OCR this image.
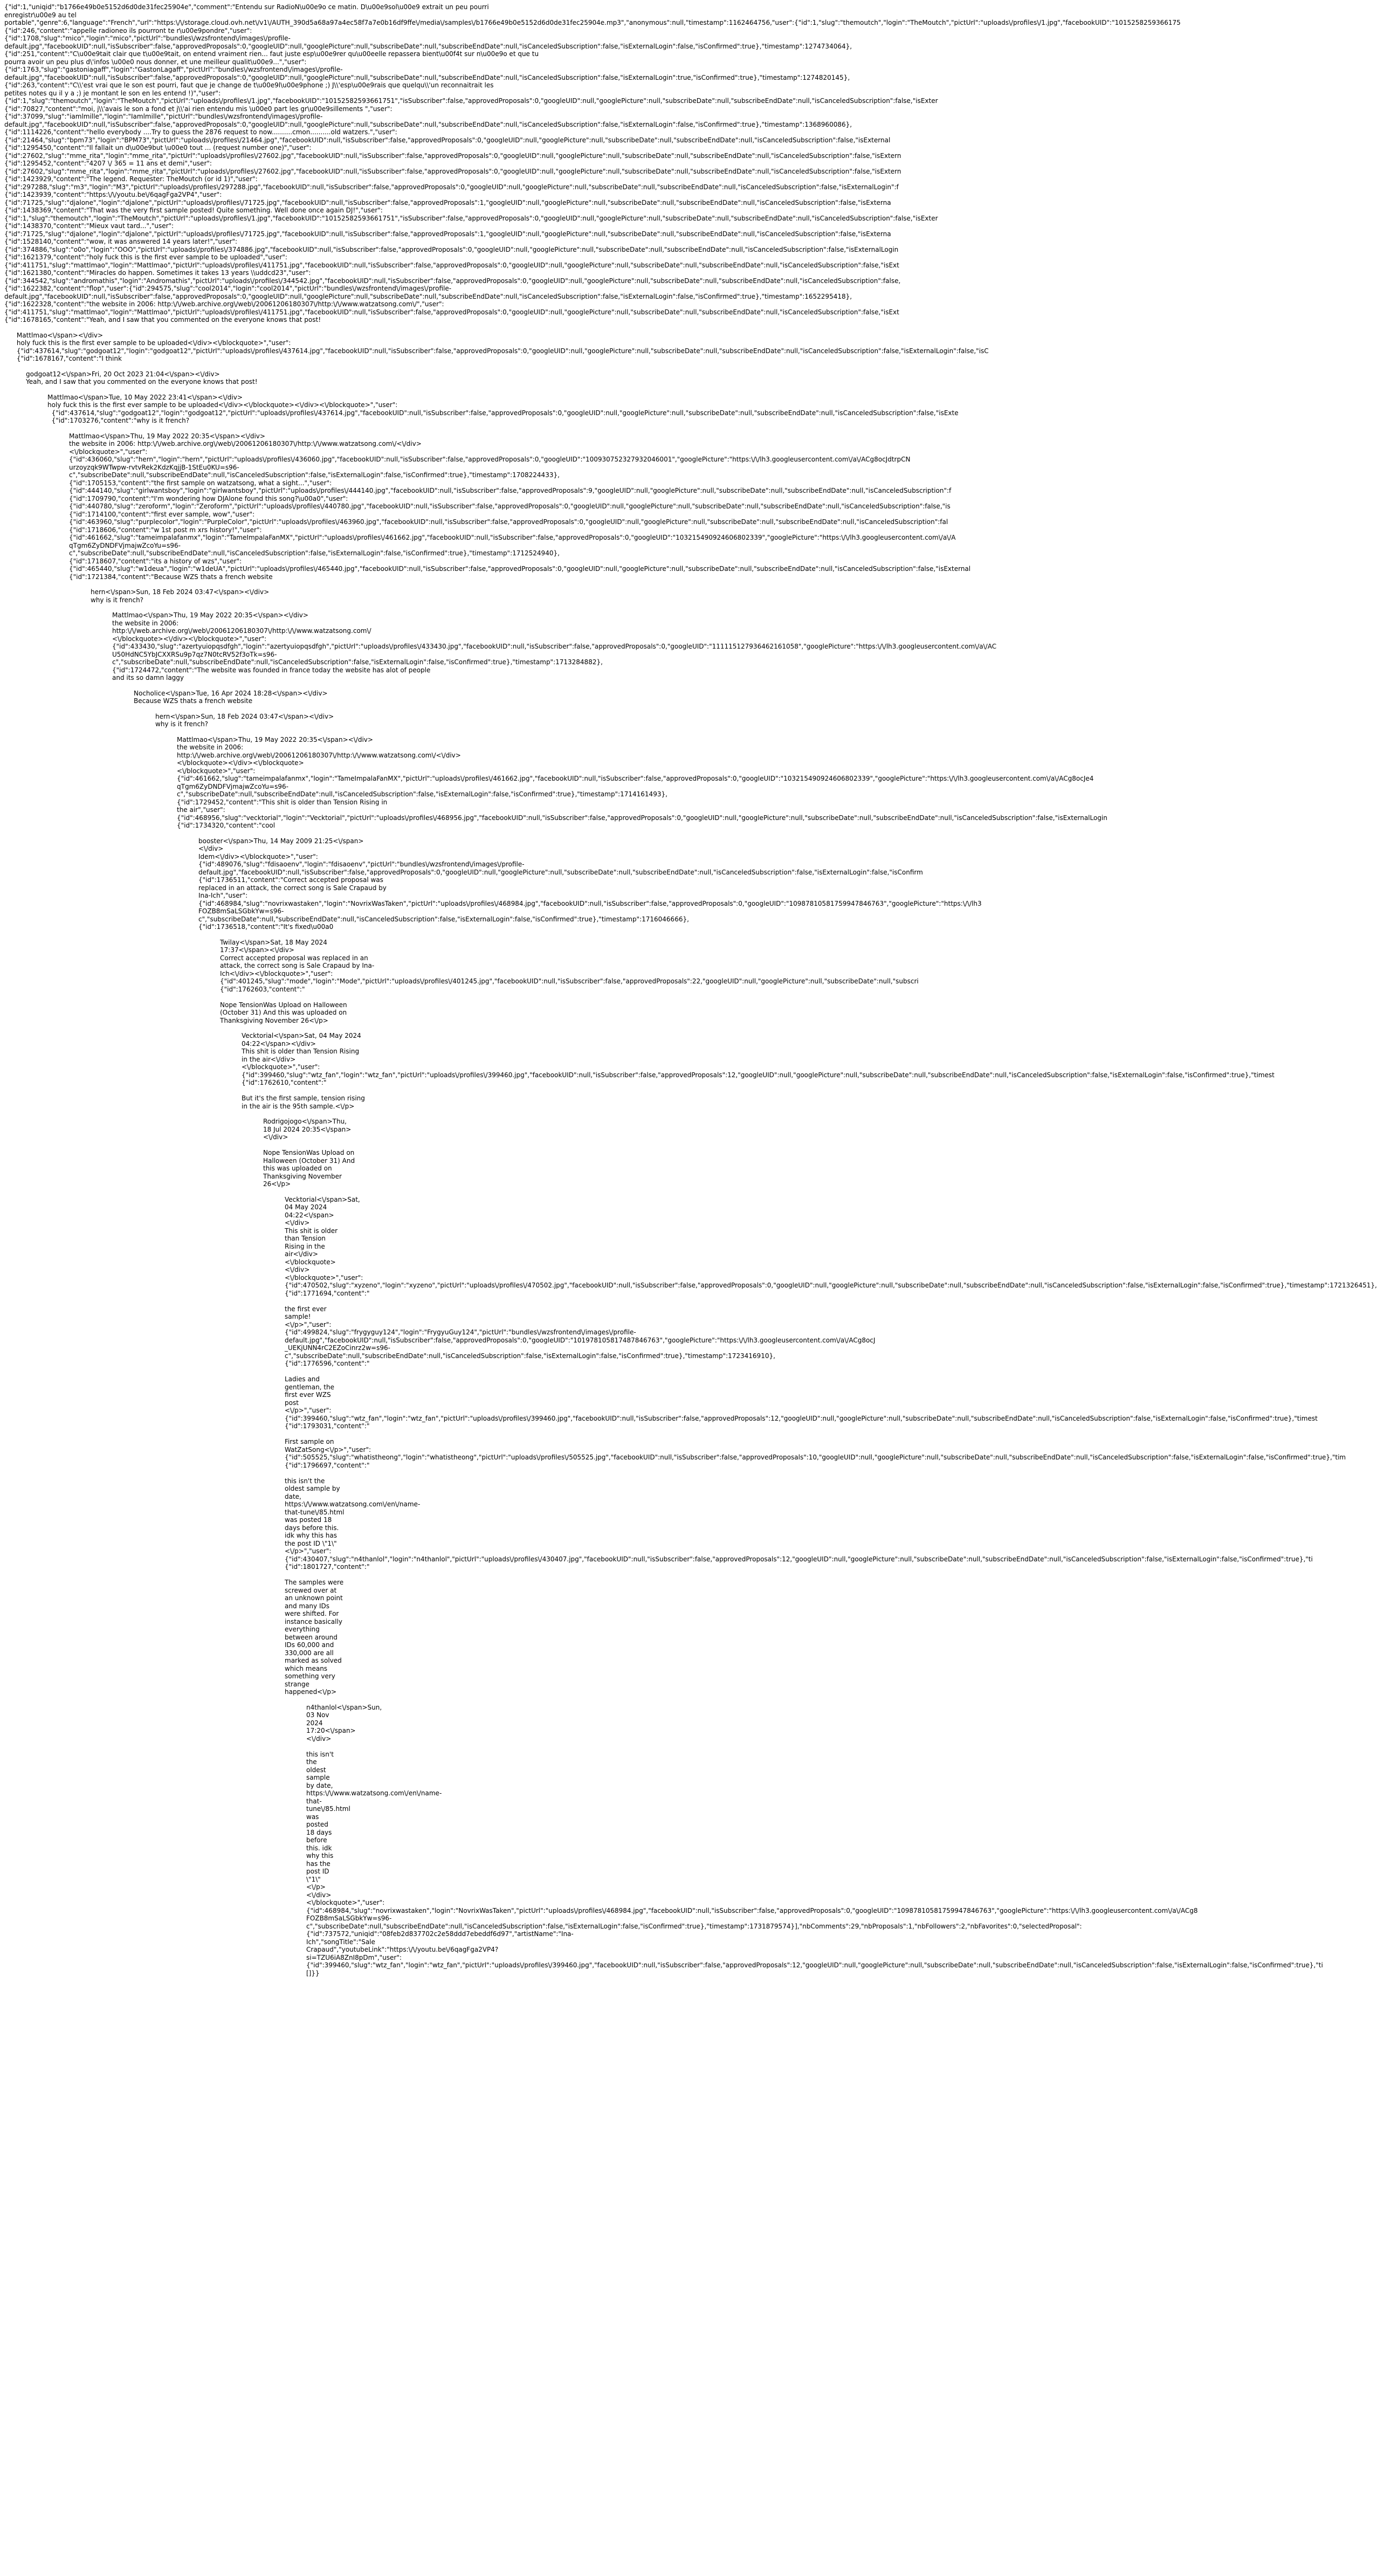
{"id":1,"uniqid":"b1766e49b0e5152d6d0de31fec25904e","comment":"Entendu sur RadioN\u00e9o ce matin. D\u00e9sol\u00e9 extrait un peu pourri
enregistr\u00e9 au tel
portable","genre":6,"language":"French","url":"https:\/\/storage.cloud.ovh.net\/v1\/AUTH_390d5a68a97a4ec58f7a7e0b16df9ffe\/media\/samples\/b1766e49b0e5152d6d0de31fec25904e.mp3","anonymous":null,"timestamp":1162464756,"user":{"id":1,"slug":"themoutch","login":"TheMoutch","pictUrl":"uploads\/profiles\/1.jpg","facebookUID":"1015258259366175
{"id":246,"content":"appelle radioneo ils pourront te r\u00e9pondre","user":
{"id":1708,"slug":"mico","login":"mico","pictUrl":"bundles\/wzsfrontend\/images\/profile-
default.jpg","facebookUID":null,"isSubscriber":false,"approvedProposals":0,"googleUID":null,"googlePicture":null,"subscribeDate":null,"subscribeEndDate":null,"isCanceledSubscription":false,"isExternalLogin":false,"isConfirmed":true},"timestamp":1274734064},
{"id":251,"content":"C\u00e9tait clair que t\u00e9tait, on entend vraiment rien... faut juste esp\u00e9rer qu\u00eelle repassera bient\u00f4t sur n\u00e9o et que tu
pourra avoir un peu plus d\'infos \u00e0 nous donner, et une meilleur qualit\u00e9...","user":
{"id":1763,"slug":"gastoniagaff","login":"GastonLagaff","pictUrl":"bundles\/wzsfrontend\/images\/profile-
default.jpg","facebookUID":null,"isSubscriber":false,"approvedProposals":0,"googleUID":null,"googlePicture":null,"subscribeDate":null,"subscribeEndDate":null,"isCanceledSubscription":false,"isExternalLogin":true,"isConfirmed":true},"timestamp":1274820145},
{"id":263,"content":"C\\'est vrai que le son est pourri, faut que je change de t\u00e9l\u00e9phone ;) J\\'esp\u00e9rais que quelqu\\'un reconnaitrait les
petites notes qu il y a ;) je montant le son en les entend !)","user":
{"id":1,"slug":"themoutch","login":"TheMoutch","pictUrl":"uploads\/profiles\/1.jpg","facebookUID":"10152582593661751","isSubscriber":false,"approvedProposals":0,"googleUID":null,"googlePicture":null,"subscribeDate":null,"subscribeEndDate":null,"isCanceledSubscription":false,"isExter
{"id":70827,"content":"moi, j\\'avais le son a fond et j\\'ai rien entendu mis \u00e0 part les gr\u00e9sillements ","user":
{"id":37099,"slug":"iamlmille","login":"Iamlmille","pictUrl":"bundles\/wzsfrontend\/images\/profile-
default.jpg","facebookUID":null,"isSubscriber":false,"approvedProposals":0,"googleUID":null,"googlePicture":null,"subscribeDate":null,"subscribeEndDate":null,"isCanceledSubscription":false,"isExternalLogin":false,"isConfirmed":true},"timestamp":1368960086},
{"id":1114226,"content":"hello everybody ....Try to guess the 2876 request to now..........cmon..........old watzers.","user":
{"id":21464,"slug":"bpm73","login":"BPM73","pictUrl":"uploads\/profiles\/21464.jpg","facebookUID":null,"isSubscriber":false,"approvedProposals":0,"googleUID":null,"googlePicture":null,"subscribeDate":null,"subscribeEndDate":null,"isCanceledSubscription":false,"isExternal
{"id":1295450,"content":"Il fallait un d\u00e9but \u00e0 tout ... (request number one)","user":
{"id":27602,"slug":"mme_rita","login":"mme_rita","pictUrl":"uploads\/profiles\/27602.jpg","facebookUID":null,"isSubscriber":false,"approvedProposals":0,"googleUID":null,"googlePicture":null,"subscribeDate":null,"subscribeEndDate":null,"isCanceledSubscription":false,"isExtern
{"id":1295452,"content":"4207 \/ 365 = 11 ans et demi","user":
{"id":27602,"slug":"mme_rita","login":"mme_rita","pictUrl":"uploads\/profiles\/27602.jpg","facebookUID":null,"isSubscriber":false,"approvedProposals":0,"googleUID":null,"googlePicture":null,"subscribeDate":null,"subscribeEndDate":null,"isCanceledSubscription":false,"isExtern
{"id":1423929,"content":"The legend. Requester: TheMoutch (or id 1)","user":
{"id":297288,"slug":"m3","login":"M3","pictUrl":"uploads\/profiles\/297288.jpg","facebookUID":null,"isSubscriber":false,"approvedProposals":0,"googleUID":null,"googlePicture":null,"subscribeDate":null,"subscribeEndDate":null,"isCanceledSubscription":false,"isExternalLogin":f
{"id":1423939,"content":"https:\/\/youtu.be\/6qagFga2VP4","user":
{"id":71725,"slug":"djalone","login":"djalone","pictUrl":"uploads\/profiles\/71725.jpg","facebookUID":null,"isSubscriber":false,"approvedProposals":1,"googleUID":null,"googlePicture":null,"subscribeDate":null,"subscribeEndDate":null,"isCanceledSubscription":false,"isExterna
{"id":1438369,"content":"That was the very first sample posted! Quite something. Well done once again DJ!","user":
{"id":1,"slug":"themoutch","login":"TheMoutch","pictUrl":"uploads\/profiles\/1.jpg","facebookUID":"10152582593661751","isSubscriber":false,"approvedProposals":0,"googleUID":null,"googlePicture":null,"subscribeDate":null,"subscribeEndDate":null,"isCanceledSubscription":false,"isExter
{"id":1438370,"content":"Mieux vaut tard...","user":
{"id":71725,"slug":"djalone","login":"djalone","pictUrl":"uploads\/profiles\/71725.jpg","facebookUID":null,"isSubscriber":false,"approvedProposals":1,"googleUID":null,"googlePicture":null,"subscribeDate":null,"subscribeEndDate":null,"isCanceledSubscription":false,"isExterna
{"id":1528140,"content":"wow, it was answered 14 years later!","user":
{"id":374886,"slug":"o0o","login":"OOO","pictUrl":"uploads\/profiles\/374886.jpg","facebookUID":null,"isSubscriber":false,"approvedProposals":0,"googleUID":null,"googlePicture":null,"subscribeDate":null,"subscribeEndDate":null,"isCanceledSubscription":false,"isExternalLogin
{"id":1621379,"content":"holy fuck this is the first ever sample to be uploaded","user":
{"id":411751,"slug":"mattlmao","login":"Mattlmao","pictUrl":"uploads\/profiles\/411751.jpg","facebookUID":null,"isSubscriber":false,"approvedProposals":0,"googleUID":null,"googlePicture":null,"subscribeDate":null,"subscribeEndDate":null,"isCanceledSubscription":false,"isExt
{"id":1621380,"content":"Miracles do happen. Sometimes it takes 13 years \\uddcd23","user":
{"id":344542,"slug":"andromathis","login":"Andromathis","pictUrl":"uploads\/profiles\/344542.jpg","facebookUID":null,"isSubscriber":false,"approvedProposals":0,"googleUID":null,"googlePicture":null,"subscribeDate":null,"subscribeEndDate":null,"isCanceledSubscription":false,
{"id":1622382,"content":"flop","user":{"id":294575,"slug":"cool2014","login":"cool2014","pictUrl":"bundles\/wzsfrontend\/images\/profile-
default.jpg","facebookUID":null,"isSubscriber":false,"approvedProposals":0,"googleUID":null,"googlePicture":null,"subscribeDate":null,"subscribeEndDate":null,"isCanceledSubscription":false,"isExternalLogin":false,"isConfirmed":true},"timestamp":1652295418},
{"id":1622328,"content":"the website in 2006: http:\/\/web.archive.org\/web\/20061206180307\/http:\/\/www.watzatsong.com\/","user":
{"id":411751,"slug":"mattlmao","login":"Mattlmao","pictUrl":"uploads\/profiles\/411751.jpg","facebookUID":null,"isSubscriber":false,"approvedProposals":0,"googleUID":null,"googlePicture":null,"subscribeDate":null,"subscribeEndDate":null,"isCanceledSubscription":false,"isExt
{"id":1678165,"content":"Yeah, and I saw that you commented on the everyone knows that post!
Mattlmao<\/span><\/div>
holy fuck this is the first ever sample to be uploaded<\/div><\/blockquote>","user":
{"id":437614,"slug":"godgoat12","login":"godgoat12","pictUrl":"uploads\/profiles\/437614.jpg","facebookUID":null,"isSubscriber":false,"approvedProposals":0,"googleUID":null,"googlePicture":null,"subscribeDate":null,"subscribeEndDate":null,"isCanceledSubscription":false,"isExternalLogin":false,"isC
{"id":1678167,"content":"I think
godgoat12<\/span>Fri, 20 Oct 2023 21:04<\/span><\/div>
Yeah, and I saw that you commented on the everyone knows that post!
Mattlmao<\/span>Tue, 10 May 2022 23:41<\/span><\/div>
holy fuck this is the first ever sample to be uploaded<\/div><\/blockquote><\/div><\/blockquote>","user":
{"id":437614,"slug":"godgoat12","login":"godgoat12","pictUrl":"uploads\/profiles\/437614.jpg","facebookUID":null,"isSubscriber":false,"approvedProposals":0,"googleUID":null,"googlePicture":null,"subscribeDate":null,"subscribeEndDate":null,"isCanceledSubscription":false,"isExte
{"id":1703276,"content":"why is it french?
Mattlmao<\/span>Thu, 19 May 2022 20:35<\/span><\/div>
the website in 2006: http:\/\/web.archive.org\/web\/20061206180307\/http:\/\/www.watzatsong.com\/<\/div>
<\/blockquote>","user":
{"id":436060,"slug":"hern","login":"hern","pictUrl":"uploads\/profiles\/436060.jpg","facebookUID":null,"isSubscriber":false,"approvedProposals":0,"googleUID":"100930752327932046001","googlePicture":"https:\/\/lh3.googleusercontent.com\/a\/ACg8ocJdtrpCN
urzoyzqk9WTwpw-rvtvRek2KdzKqjjB-1StEu0KU=s96-
c","subscribeDate":null,"subscribeEndDate":null,"isCanceledSubscription":false,"isExternalLogin":false,"isConfirmed":true},"timestamp":1708224433},
{"id":1705153,"content":"the first sample on watzatsong, what a sight...","user":
{"id":444140,"slug":"girlwantsboy","login":"girlwantsboy","pictUrl":"uploads\/profiles\/444140.jpg","facebookUID":null,"isSubscriber":false,"approvedProposals":9,"googleUID":null,"googlePicture":null,"subscribeDate":null,"subscribeEndDate":null,"isCanceledSubscription":f
{"id":1709790,"content":"I'm wondering how DJAlone found this song?\u00a0","user":
{"id":440780,"slug":"zeroform","login":"Zeroform","pictUrl":"uploads\/profiles\/440780.jpg","facebookUID":null,"isSubscriber":false,"approvedProposals":0,"googleUID":null,"googlePicture":null,"subscribeDate":null,"subscribeEndDate":null,"isCanceledSubscription":false,"is
{"id":1714100,"content":"first ever sample, wow","user":
{"id":463960,"slug":"purplecolor","login":"PurpleColor","pictUrl":"uploads\/profiles\/463960.jpg","facebookUID":null,"isSubscriber":false,"approvedProposals":0,"googleUID":null,"googlePicture":null,"subscribeDate":null,"subscribeEndDate":null,"isCanceledSubscription":fal
{"id":1718606,"content":"w 1st post m xrs history!","user":
{"id":461662,"slug":"tameimpalafanmx","login":"TameImpalaFanMX","pictUrl":"uploads\/profiles\/461662.jpg","facebookUID":null,"isSubscriber":false,"approvedProposals":0,"googleUID":"103215490924606802339","googlePicture":"https:\/\/lh3.googleusercontent.com\/a\/A
qTgm6ZyDNDFVjmajwZcoYu=s96-
c","subscribeDate":null,"subscribeEndDate":null,"isCanceledSubscription":false,"isExternalLogin":false,"isConfirmed":true},"timestamp":1712524940},
{"id":1718607,"content":"its a history of wzs","user":
{"id":465440,"slug":"w1deua","login":"w1deUA","pictUrl":"uploads\/profiles\/465440.jpg","facebookUID":null,"isSubscriber":false,"approvedProposals":0,"googleUID":null,"googlePicture":null,"subscribeDate":null,"subscribeEndDate":null,"isCanceledSubscription":false,"isExternal
{"id":1721384,"content":"Because WZS thats a french website
hern<\/span>Sun, 18 Feb 2024 03:47<\/span><\/div>
why is it french?
Mattlmao<\/span>Thu, 19 May 2022 20:35<\/span><\/div>
the website in 2006:
http:\/\/web.archive.org\/web\/20061206180307\/http:\/\/www.watzatsong.com\/
<\/blockquote><\/div><\/blockquote>","user":
{"id":433430,"slug":"azertyuiopqsdfgh","login":"azertyuiopqsdfgh","pictUrl":"uploads\/profiles\/433430.jpg","facebookUID":null,"isSubscriber":false,"approvedProposals":0,"googleUID":"111115127936462161058","googlePicture":"https:\/\/lh3.googleusercontent.com\/a\/AC
U50HdNC5YbJCXXRSu9p7qz7N0tcRV52f3oTk=s96-
c","subscribeDate":null,"subscribeEndDate":null,"isCanceledSubscription":false,"isExternalLogin":false,"isConfirmed":true},"timestamp":1713284882},
{"id":1724472,"content":"The website was founded in france today the website has alot of people
and its so damn laggy
Nocholice<\/span>Tue, 16 Apr 2024 18:28<\/span><\/div>
Because WZS thats a french website
hern<\/span>Sun, 18 Feb 2024 03:47<\/span><\/div>
why is it french?
Mattlmao<\/span>Thu, 19 May 2022 20:35<\/span><\/div>
the website in 2006:
http:\/\/web.archive.org\/web\/20061206180307\/http:\/\/www.watzatsong.com\/<\/div>
<\/blockquote><\/div><\/blockquote>
<\/blockquote>","user":
{"id":461662,"slug":"tameimpalafanmx","login":"TameImpalaFanMX","pictUrl":"uploads\/profiles\/461662.jpg","facebookUID":null,"isSubscriber":false,"approvedProposals":0,"googleUID":"103215490924606802339","googlePicture":"https:\/\/lh3.googleusercontent.com\/a\/ACg8ocJe4
qTgm6ZyDNDFVjmajwZcoYu=s96-
c","subscribeDate":null,"subscribeEndDate":null,"isCanceledSubscription":false,"isExternalLogin":false,"isConfirmed":true},"timestamp":1714161493},
{"id":1729452,"content":"This shit is older than Tension Rising in
the air","user":
{"id":468956,"slug":"vecktorial","login":"Vecktorial","pictUrl":"uploads\/profiles\/468956.jpg","facebookUID":null,"isSubscriber":false,"approvedProposals":0,"googleUID":null,"googlePicture":null,"subscribeDate":null,"subscribeEndDate":null,"isCanceledSubscription":false,"isExternalLogin
{"id":1734320,"content":"cool
booster<\/span>Thu, 14 May 2009 21:25<\/span>
<\/div>
Idem<\/div><\/blockquote>","user":
{"id":489076,"slug":"fdisaoenv","login":"fdisaoenv","pictUrl":"bundles\/wzsfrontend\/images\/profile-
default.jpg","facebookUID":null,"isSubscriber":false,"approvedProposals":0,"googleUID":null,"googlePicture":null,"subscribeDate":null,"subscribeEndDate":null,"isCanceledSubscription":false,"isExternalLogin":false,"isConfirm
{"id":1736511,"content":"Correct accepted proposal was
replaced in an attack, the correct song is Sale Crapaud by
Ina-Ich","user":
{"id":468984,"slug":"novrixwastaken","login":"NovrixWasTaken","pictUrl":"uploads\/profiles\/468984.jpg","facebookUID":null,"isSubscriber":false,"approvedProposals":0,"googleUID":"10987810581759947846763","googlePicture":"https:\/\/lh3
FOZB8mSaLSGbkYw=s96-
c","subscribeDate":null,"subscribeEndDate":null,"isCanceledSubscription":false,"isExternalLogin":false,"isConfirmed":true},"timestamp":1716046666},
{"id":1736518,"content":"It's fixed\u00a0
Twilay<\/span>Sat, 18 May 2024
17:37<\/span><\/div>
Correct accepted proposal was replaced in an
attack, the correct song is Sale Crapaud by Ina-
Ich<\/div><\/blockquote>","user":
{"id":401245,"slug":"mode","login":"Mode","pictUrl":"uploads\/profiles\/401245.jpg","facebookUID":null,"isSubscriber":false,"approvedProposals":22,"googleUID":null,"googlePicture":null,"subscribeDate":null,"subscri
{"id":1762603,"content":"

Nope TensionWas Upload on Halloween
(October 31) And this was uploaded on
Thanksgiving November 26<\/p>
Vecktorial<\/span>Sat, 04 May 2024
04:22<\/span><\/div>
This shit is older than Tension Rising
in the air<\/div>
<\/blockquote>","user":
{"id":399460,"slug":"wtz_fan","login":"wtz_fan","pictUrl":"uploads\/profiles\/399460.jpg","facebookUID":null,"isSubscriber":false,"approvedProposals":12,"googleUID":null,"googlePicture":null,"subscribeDate":null,"subscribeEndDate":null,"isCanceledSubscription":false,"isExternalLogin":false,"isConfirmed":true},"timest
{"id":1762610,"content":"

But it's the first sample, tension rising
in the air is the 95th sample.<\/p>
Rodrigojogo<\/span>Thu,
18 Jul 2024 20:35<\/span>
<\/div>

Nope TensionWas Upload on
Halloween (October 31) And
this was uploaded on
Thanksgiving November
26<\/p>
Vecktorial<\/span>Sat,
04 May 2024
04:22<\/span>
<\/div>
This shit is older
than Tension
Rising in the
air<\/div>
<\/blockquote>
<\/div>
<\/blockquote>","user":
{"id":470502,"slug":"xyzeno","login":"xyzeno","pictUrl":"uploads\/profiles\/470502.jpg","facebookUID":null,"isSubscriber":false,"approvedProposals":0,"googleUID":null,"googlePicture":null,"subscribeDate":null,"subscribeEndDate":null,"isCanceledSubscription":false,"isExternalLogin":false,"isConfirmed":true},"timestamp":1721326451},
{"id":1771694,"content":"

the first ever
sample!
<\/p>","user":
{"id":499824,"slug":"frygyguy124","login":"FrygyuGuy124","pictUrl":"bundles\/wzsfrontend\/images\/profile-
default.jpg","facebookUID":null,"isSubscriber":false,"approvedProposals":0,"googleUID":"101978105817487846763","googlePicture":"https:\/\/lh3.googleusercontent.com\/a\/ACg8ocJ
_UEKjUNN4rC2EZoCinrz2w=s96-
c","subscribeDate":null,"subscribeEndDate":null,"isCanceledSubscription":false,"isExternalLogin":false,"isConfirmed":true},"timestamp":1723416910},
{"id":1776596,"content":"

Ladies and
gentleman, the
first ever WZS
post
<\/p>","user":
{"id":399460,"slug":"wtz_fan","login":"wtz_fan","pictUrl":"uploads\/profiles\/399460.jpg","facebookUID":null,"isSubscriber":false,"approvedProposals":12,"googleUID":null,"googlePicture":null,"subscribeDate":null,"subscribeEndDate":null,"isCanceledSubscription":false,"isExternalLogin":false,"isConfirmed":true},"timest
{"id":1793031,"content":"

First sample on
WatZatSong<\/p>","user":
{"id":505525,"slug":"whatistheong","login":"whatistheong","pictUrl":"uploads\/profiles\/505525.jpg","facebookUID":null,"isSubscriber":false,"approvedProposals":10,"googleUID":null,"googlePicture":null,"subscribeDate":null,"subscribeEndDate":null,"isCanceledSubscription":false,"isExternalLogin":false,"isConfirmed":true},"tim
{"id":1796697,"content":"

this isn't the
oldest sample by
date,
https:\/\/www.watzatsong.com\/en\/name-
that-tune\/85.html
was posted 18
days before this.
idk why this has
the post ID \"1\"
<\/p>","user":
{"id":430407,"slug":"n4thanlol","login":"n4thanlol","pictUrl":"uploads\/profiles\/430407.jpg","facebookUID":null,"isSubscriber":false,"approvedProposals":12,"googleUID":null,"googlePicture":null,"subscribeDate":null,"subscribeEndDate":null,"isCanceledSubscription":false,"isExternalLogin":false,"isConfirmed":true},"ti
{"id":1801727,"content":"

The samples were
screwed over at
an unknown point
and many IDs
were shifted. For
instance basically
everything
between around
IDs 60,000 and
330,000 are all
marked as solved
which means
something very
strange
happened<\/p>
n4thanlol<\/span>Sun,
03 Nov
2024
17:20<\/span>
<\/div>

this isn't
the
oldest
sample
by date,
https:\/\/www.watzatsong.com\/en\/name-
that-
tune\/85.html
was
posted
18 days
before
this. idk
why this
has the
post ID
\"1\"
<\/p>
<\/div>
<\/blockquote>","user":
{"id":468984,"slug":"novrixwastaken","login":"NovrixWasTaken","pictUrl":"uploads\/profiles\/468984.jpg","facebookUID":null,"isSubscriber":false,"approvedProposals":0,"googleUID":"10987810581759947846763","googlePicture":"https:\/\/lh3.googleusercontent.com\/a\/ACg8
FOZB8mSaLSGbkYw=s96-
c","subscribeDate":null,"subscribeEndDate":null,"isCanceledSubscription":false,"isExternalLogin":false,"isConfirmed":true},"timestamp":1731879574}],"nbComments":29,"nbProposals":1,"nbFollowers":2,"nbFavorites":0,"selectedProposal":
{"id":737572,"uniqid":"08feb2d837702c2e58ddd7ebeddf6d97","artistName":"Ina-
Ich","songTitle":"Sale
Crapaud","youtubeLink":"https:\/\/youtu.be\/6qagFga2VP4?
si=TZU6iA8ZnI8pDm","user":
{"id":399460,"slug":"wtz_fan","login":"wtz_fan","pictUrl":"uploads\/profiles\/399460.jpg","facebookUID":null,"isSubscriber":false,"approvedProposals":12,"googleUID":null,"googlePicture":null,"subscribeDate":null,"subscribeEndDate":null,"isCanceledSubscription":false,"isExternalLogin":false,"isConfirmed":true},"ti
[]}}
